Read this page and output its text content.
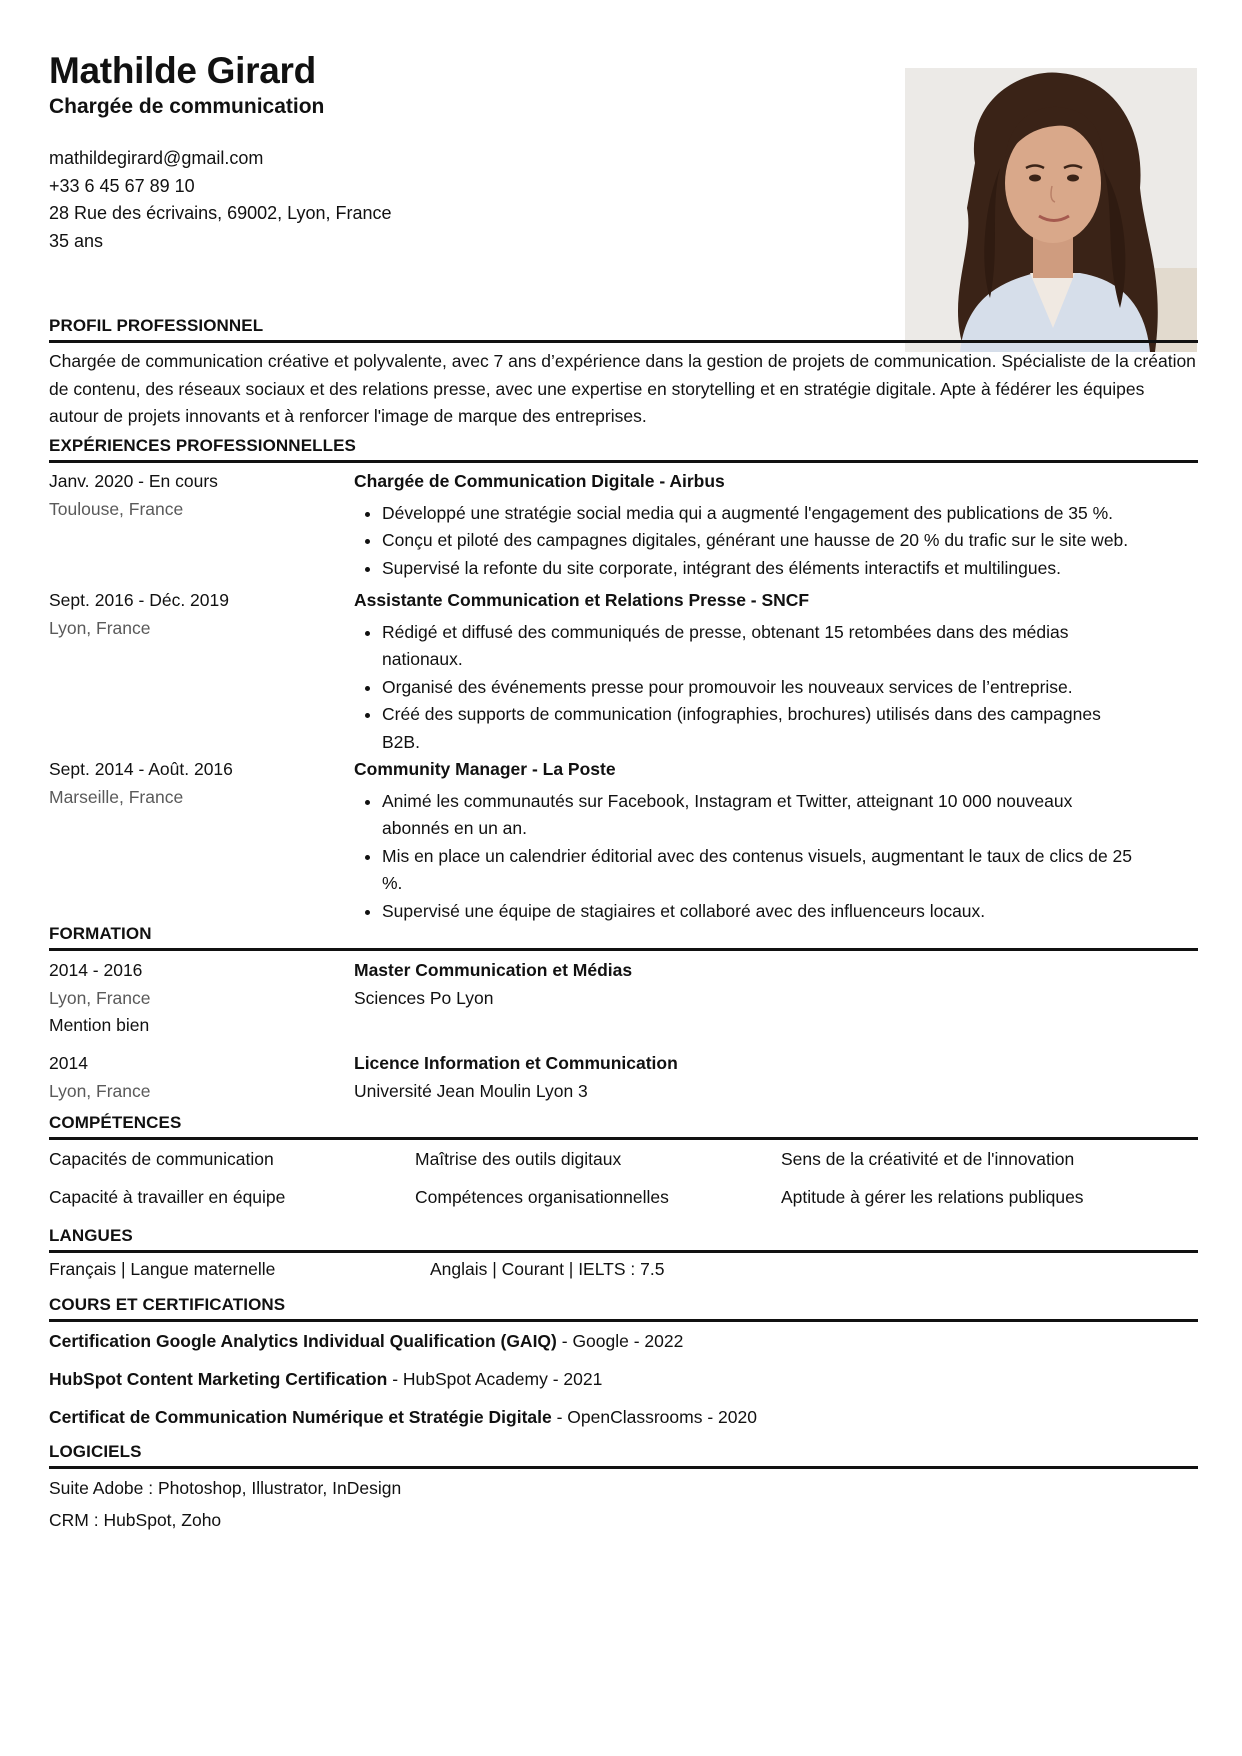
Mathilde Girard
Chargée de communication
mathildegirard@gmail.com
+33 6 45 67 89 10
28 Rue des écrivains, 69002, Lyon, France
35 ans
PROFIL PROFESSIONNEL
Chargée de communication créative et polyvalente, avec 7 ans d’expérience dans la gestion de projets de communication. Spécialiste de la création de contenu, des réseaux sociaux et des relations presse, avec une expertise en storytelling et en stratégie digitale. Apte à fédérer les équipes autour de projets innovants et à renforcer l'image de marque des entreprises.
EXPÉRIENCES PROFESSIONNELLES
Janv. 2020 - En cours
Toulouse, France
Chargée de Communication Digitale - Airbus
• Développé une stratégie social media qui a augmenté l'engagement des publications de 35 %.
• Conçu et piloté des campagnes digitales, générant une hausse de 20 % du trafic sur le site web.
• Supervisé la refonte du site corporate, intégrant des éléments interactifs et multilingues.
Sept. 2016 - Déc. 2019
Lyon, France
Assistante Communication et Relations Presse - SNCF
• Rédigé et diffusé des communiqués de presse, obtenant 15 retombées dans des médias nationaux.
• Organisé des événements presse pour promouvoir les nouveaux services de l’entreprise.
• Créé des supports de communication (infographies, brochures) utilisés dans des campagnes B2B.
Sept. 2014 - Août. 2016
Marseille, France
Community Manager - La Poste
• Animé les communautés sur Facebook, Instagram et Twitter, atteignant 10 000 nouveaux abonnés en un an.
• Mis en place un calendrier éditorial avec des contenus visuels, augmentant le taux de clics de 25 %.
• Supervisé une équipe de stagiaires et collaboré avec des influenceurs locaux.
FORMATION
2014 - 2016
Lyon, France
Mention bien
Master Communication et Médias
Sciences Po Lyon
2014
Lyon, France
Licence Information et Communication
Université Jean Moulin Lyon 3
COMPÉTENCES
Capacités de communication	Maîtrise des outils digitaux	Sens de la créativité et de l'innovation
Capacité à travailler en équipe	Compétences organisationnelles	Aptitude à gérer les relations publiques
LANGUES
Français | Langue maternelle	Anglais | Courant | IELTS : 7.5
COURS ET CERTIFICATIONS
Certification Google Analytics Individual Qualification (GAIQ) - Google - 2022
HubSpot Content Marketing Certification - HubSpot Academy - 2021
Certificat de Communication Numérique et Stratégie Digitale - OpenClassrooms - 2020
LOGICIELS
Suite Adobe : Photoshop, Illustrator, InDesign
CRM : HubSpot, Zoho
